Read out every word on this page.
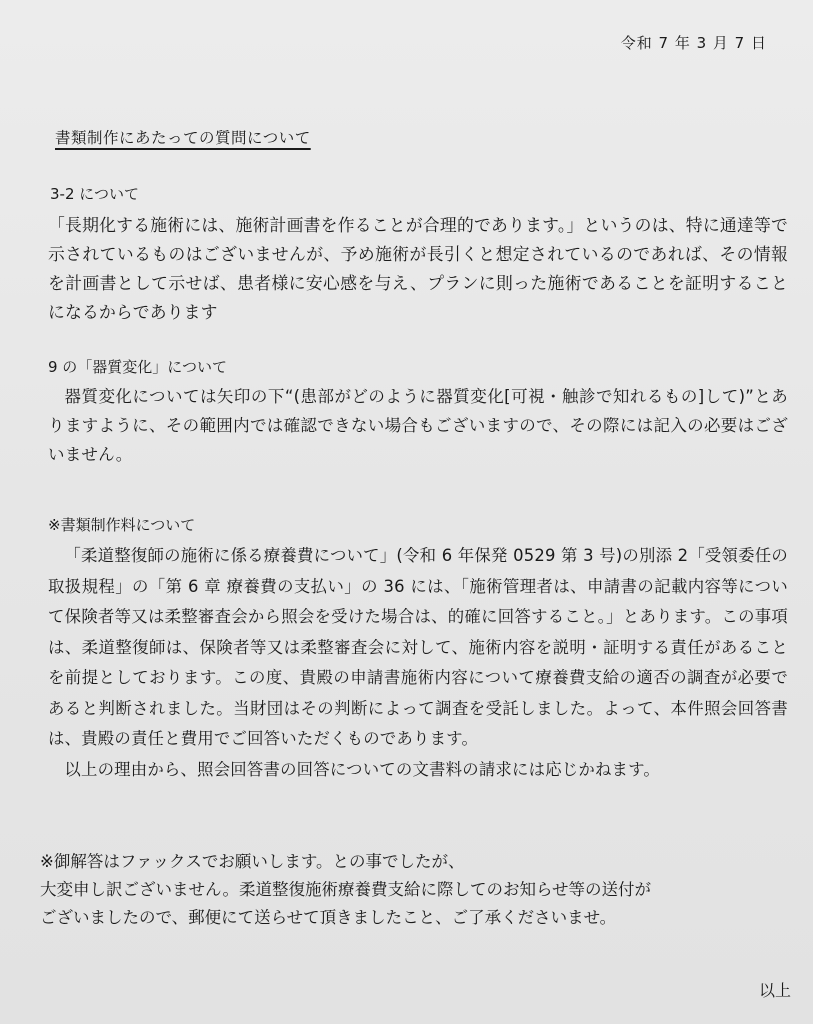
令和 7 年 3 月 7 日
書類制作にあたっての質問について
3-2 について
「長期化する施術には、施術計画書を作ることが合理的であります。」というのは、特に通達等で示されているものはございませんが、予め施術が長引くと想定されているのであれば、その情報を計画書として示せば、患者様に安心感を与え、プランに則った施術であることを証明することになるからであります
9 の「器質変化」について
器質変化については矢印の下“(患部がどのように器質変化[可視・触診で知れるもの]して)”とありますように、その範囲内では確認できない場合もございますので、その際には記入の必要はございません。
※書類制作料について
「柔道整復師の施術に係る療養費について」(令和 6 年保発 0529 第 3 号)の別添 2「受領委任の取扱規程」の「第 6 章 療養費の支払い」の 36 には、「施術管理者は、申請書の記載内容等について保険者等又は柔整審査会から照会を受けた場合は、的確に回答すること。」とあります。この事項は、柔道整復師は、保険者等又は柔整審査会に対して、施術内容を説明・証明する責任があることを前提としております。この度、貴殿の申請書施術内容について療養費支給の適否の調査が必要であると判断されました。当財団はその判断によって調査を受託しました。よって、本件照会回答書は、貴殿の責任と費用でご回答いただくものであります。
以上の理由から、照会回答書の回答についての文書料の請求には応じかねます。
※御解答はファックスでお願いします。との事でしたが、
大変申し訳ございません。柔道整復施術療養費支給に際してのお知らせ等の送付が
ございましたので、郵便にて送らせて頂きましたこと、ご了承くださいませ。
以上
